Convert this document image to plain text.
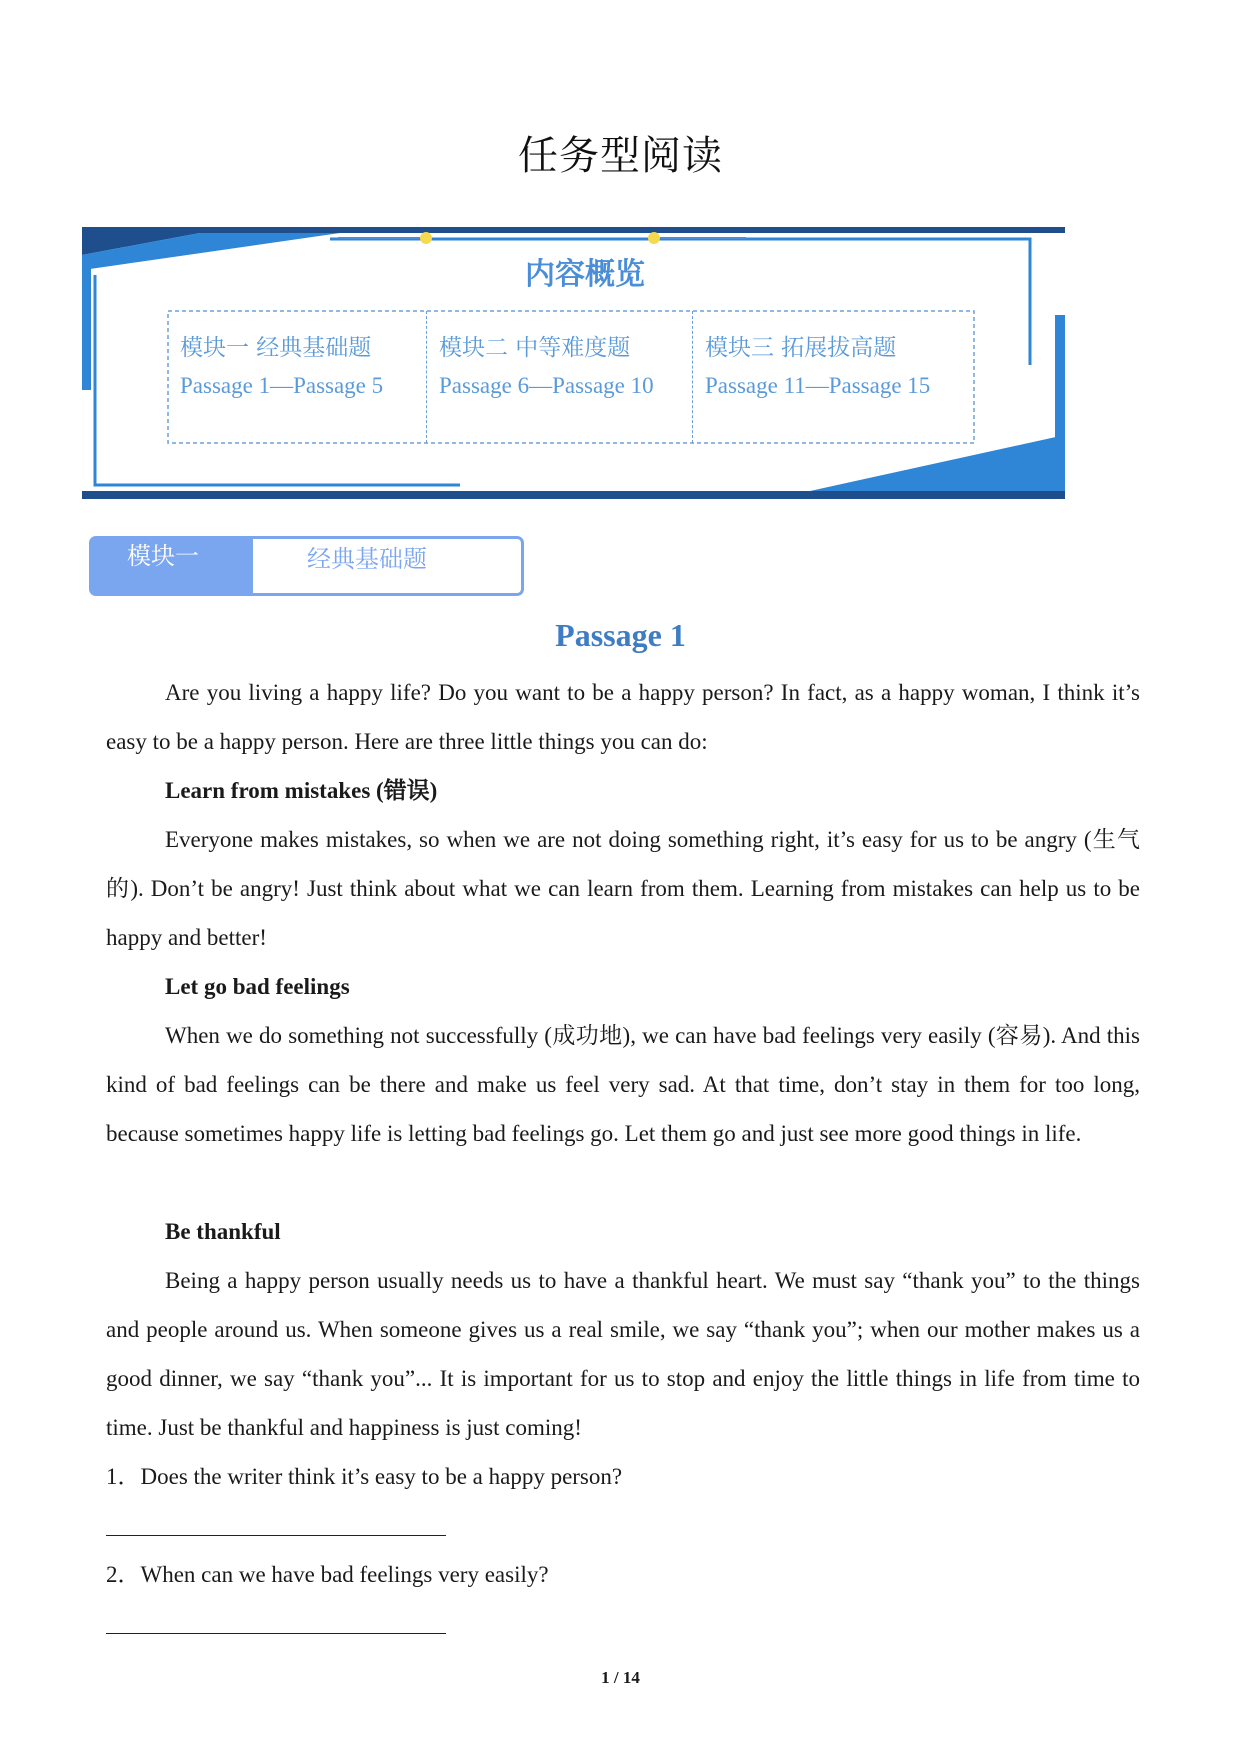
任务型阅读
内容概览
模块一 经典基础题
Passage 1—Passage 5
模块二 中等难度题
Passage 6—Passage 10
模块三 拓展拔高题
Passage 11—Passage 15
模块一	经典基础题
Passage 1

Are you living a happy life? Do you want to be a happy person? In fact, as a happy woman, I think it’s easy to be a happy person. Here are three little things you can do:

Learn from mistakes (错误)

Everyone makes mistakes, so when we are not doing something right, it’s easy for us to be angry (生气的). Don’t be angry! Just think about what we can learn from them. Learning from mistakes can help us to be happy and better!

Let go bad feelings

When we do something not successfully (成功地), we can have bad feelings very easily (容易). And this kind of bad feelings can be there and make us feel very sad. At that time, don’t stay in them for too long, because sometimes happy life is letting bad feelings go. Let them go and just see more good things in life.

Be thankful

Being a happy person usually needs us to have a thankful heart. We must say “thank you” to the things and people around us. When someone gives us a real smile, we say “thank you”; when our mother makes us a good dinner, we say “thank you”... It is important for us to stop and enjoy the little things in life from time to time. Just be thankful and happiness is just coming!

1．Does the writer think it’s easy to be a happy person?

2．When can we have bad feelings very easily?

1 / 14
